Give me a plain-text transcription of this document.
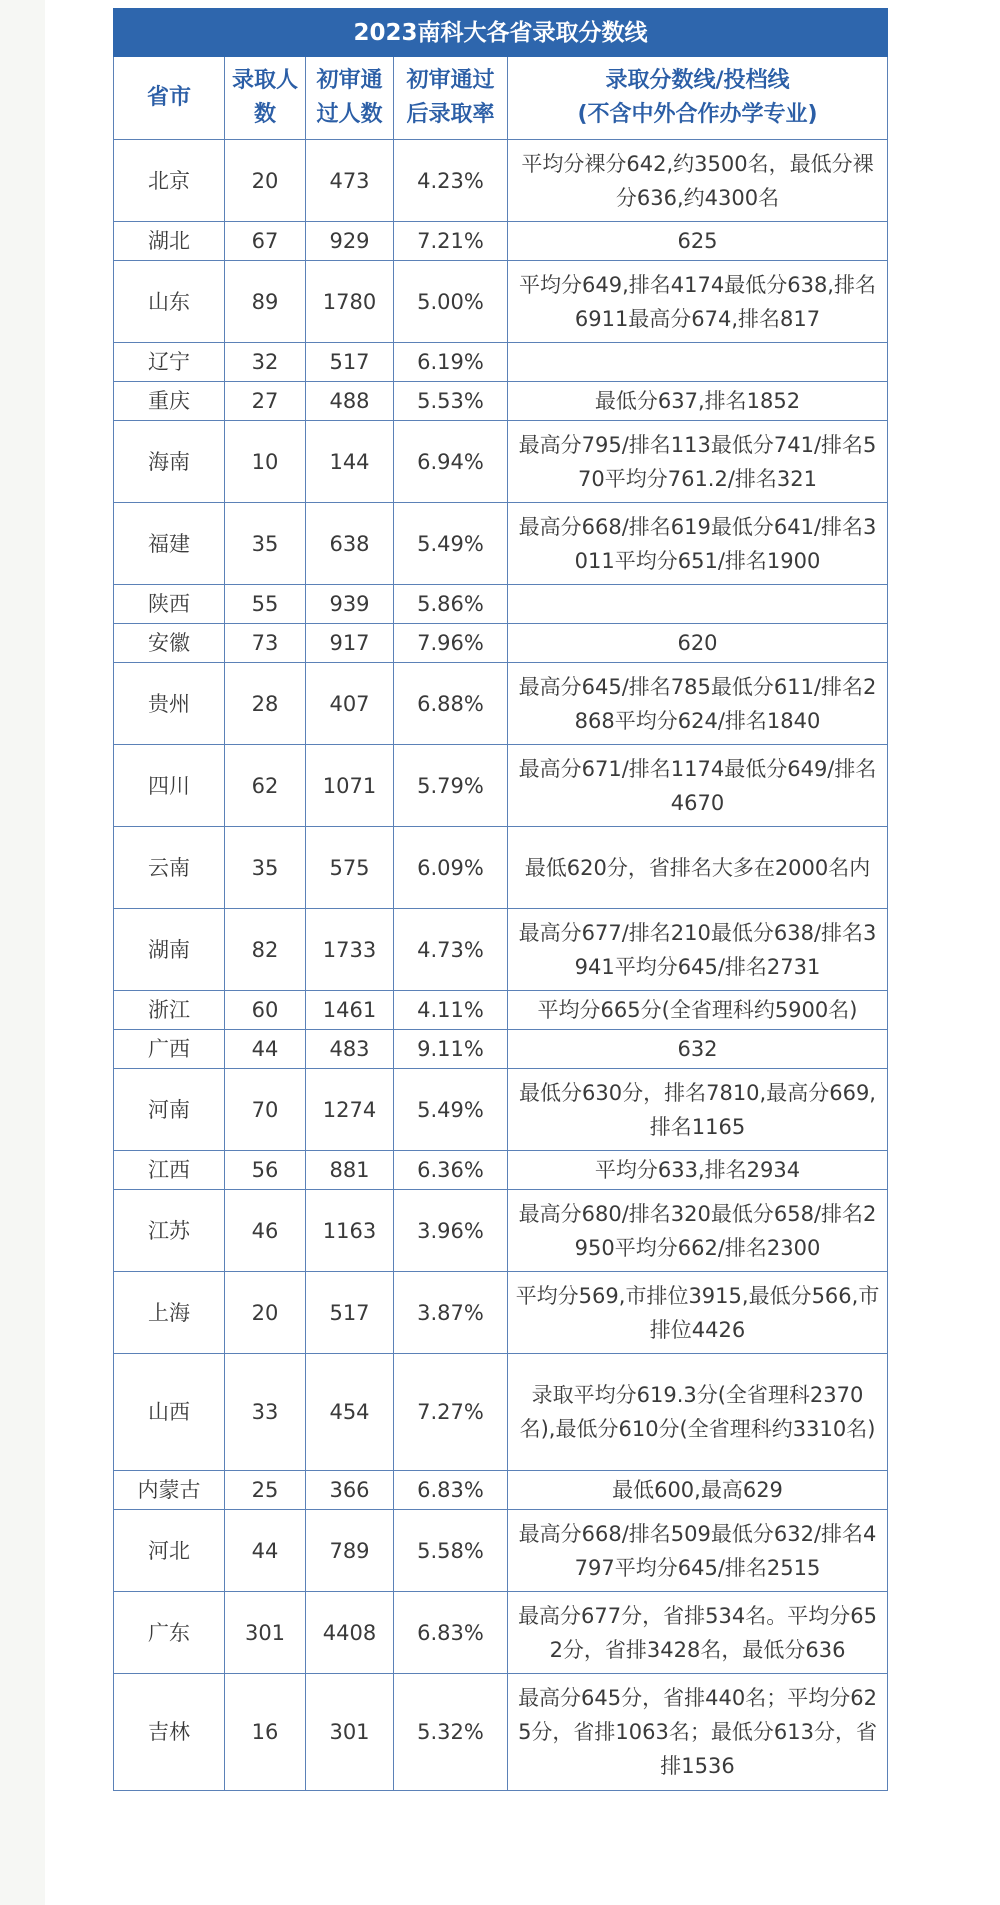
2023南科大各省录取分数线				
省市	录取人数	初审通过人数	初审通过后录取率	录取分数线/投档线
(不含中外合作办学专业)

北京	20	473	4.23%	平均分裸分642,约3500名，最低分裸分636,约4300名
湖北	67	929	7.21%	625
山东	89	1780	5.00%	平均分649,排名4174最低分638,排名6911最高分674,排名817
辽宁	32	517	6.19%	
重庆	27	488	5.53%	最低分637,排名1852
海南	10	144	6.94%	最高分795/排名113最低分741/排名570平均分761.2/排名321
福建	35	638	5.49%	最高分668/排名619最低分641/排名3011平均分651/排名1900
陕西	55	939	5.86%	
安徽	73	917	7.96%	620
贵州	28	407	6.88%	最高分645/排名785最低分611/排名2868平均分624/排名1840
四川	62	1071	5.79%	最高分671/排名1174最低分649/排名4670
云南	35	575	6.09%	最低620分，省排名大多在2000名内
湖南	82	1733	4.73%	最高分677/排名210最低分638/排名3941平均分645/排名2731
浙江	60	1461	4.11%	平均分665分(全省理科约5900名)
广西	44	483	9.11%	632
河南	70	1274	5.49%	最低分630分，排名7810,最高分669,排名1165
江西	56	881	6.36%	平均分633,排名2934
江苏	46	1163	3.96%	最高分680/排名320最低分658/排名2950平均分662/排名2300
上海	20	517	3.87%	平均分569,市排位3915,最低分566,市排位4426
山西	33	454	7.27%	录取平均分619.3分(全省理科2370名),最低分610分(全省理科约3310名)
内蒙古	25	366	6.83%	最低600,最高629
河北	44	789	5.58%	最高分668/排名509最低分632/排名4797平均分645/排名2515
广东	301	4408	6.83%	最高分677分，省排534名。平均分652分，省排3428名，最低分636
吉林	16	301	5.32%	最高分645分，省排440名；平均分625分，省排1063名；最低分613分，省排1536
